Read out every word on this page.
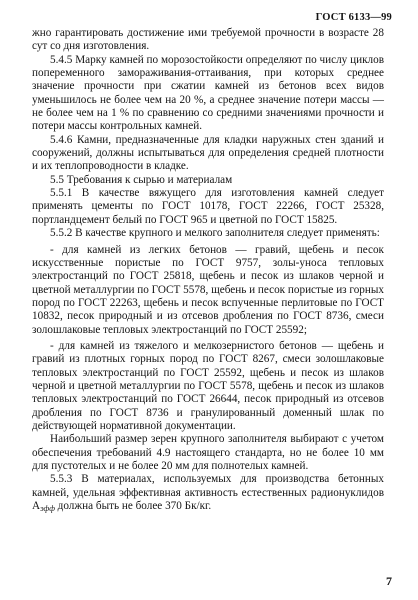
ГОСТ 6133—99

жно гарантировать достижение ими требуемой прочности в возрасте 28 сут со дня изготовления.

5.4.5 Марку камней по морозостойкости определяют по числу циклов попеременного замораживания-оттаивания, при которых среднее значение прочности при сжатии камней из бетонов всех видов уменьшилось не более чем на 20 %, а среднее значение потери массы — не более чем на 1 % по сравнению со средними значениями прочности и потери массы контрольных камней.

5.4.6 Камни, предназначенные для кладки наружных стен зданий и сооружений, должны испытываться для определения средней плотности и их теплопроводности в кладке.

5.5 Требования к сырью и материалам

5.5.1 В качестве вяжущего для изготовления камней следует применять цементы по ГОСТ 10178, ГОСТ 22266, ГОСТ 25328, портландцемент белый по ГОСТ 965 и цветной по ГОСТ 15825.

5.5.2 В качестве крупного и мелкого заполнителя следует применять:

- для камней из легких бетонов — гравий, щебень и песок искусственные пористые по ГОСТ 9757, золы-уноса тепловых электростанций по ГОСТ 25818, щебень и песок из шлаков черной и цветной металлургии по ГОСТ 5578, щебень и песок пористые из горных пород по ГОСТ 22263, щебень и песок вспученные перлитовые по ГОСТ 10832, песок природный и из отсевов дробления по ГОСТ 8736, смеси золошлаковые тепловых электростанций по ГОСТ 25592;

- для камней из тяжелого и мелкозернистого бетонов — щебень и гравий из плотных горных пород по ГОСТ 8267, смеси золошлаковые тепловых электростанций по ГОСТ 25592, щебень и песок из шлаков черной и цветной металлургии по ГОСТ 5578, щебень и песок из шлаков тепловых электростанций по ГОСТ 26644, песок природный из отсевов дробления по ГОСТ 8736 и гранулированный доменный шлак по действующей нормативной документации.

Наибольший размер зерен крупного заполнителя выбирают с учетом обеспечения требований 4.9 настоящего стандарта, но не более 10 мм для пустотелых и не более 20 мм для полнотелых камней.

5.5.3 В материалах, используемых для производства бетонных камней, удельная эффективная активность естественных радионуклидов Аэфф должна быть не более 370 Бк/кг.

7
